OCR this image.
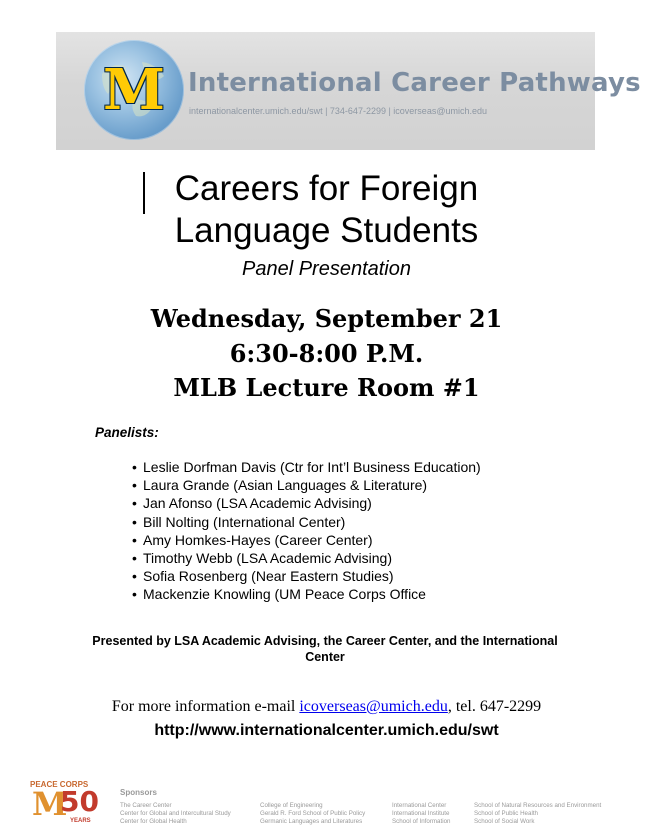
M International Career Pathways
internationalcenter.umich.edu/swt | 734-647-2299 | icoverseas@umich.edu
Careers for Foreign
Language Students
Panel Presentation
Wednesday, September 21
6:30-8:00 P.M.
MLB Lecture Room #1
Panelists:
• Leslie Dorfman Davis (Ctr for Int’l Business Education)
• Laura Grande (Asian Languages & Literature)
• Jan Afonso (LSA Academic Advising)
• Bill Nolting (International Center)
• Amy Homkes-Hayes (Career Center)
• Timothy Webb (LSA Academic Advising)
• Sofia Rosenberg (Near Eastern Studies)
• Mackenzie Knowling (UM Peace Corps Office
Presented by LSA Academic Advising, the Career Center, and the International Center
For more information e-mail icoverseas@umich.edu, tel. 647-2299
http://www.internationalcenter.umich.edu/swt
PEACE CORPS
M
50
YEARS
Sponsors
The Career Center
Center for Global and Intercultural Study
Center for Global Health
College of Engineering
Gerald R. Ford School of Public Policy
Germanic Languages and Literatures
International Center
International Institute
School of Information
School of Natural Resources and Environment
School of Public Health
School of Social Work
